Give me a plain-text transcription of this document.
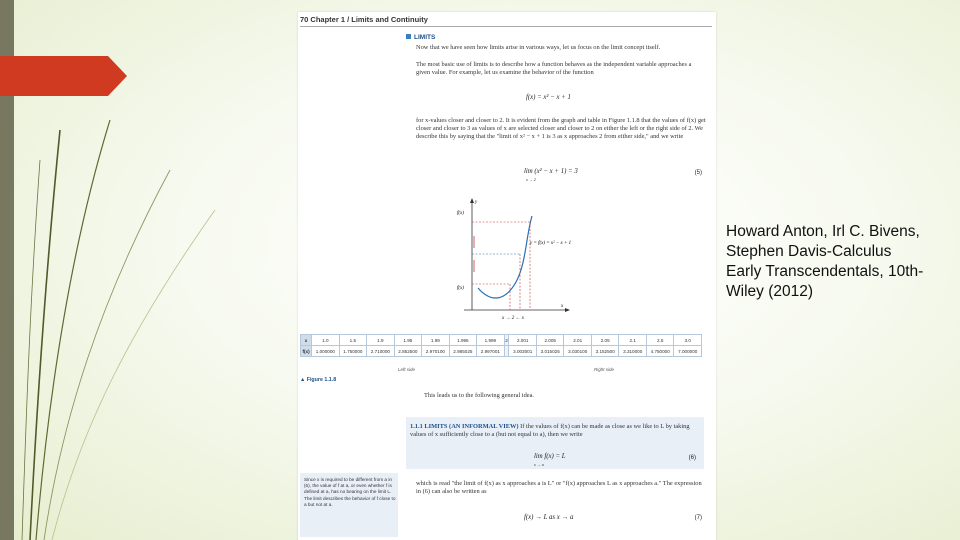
70 Chapter 1 / Limits and Continuity
LIMITS
Now that we have seen how limits arise in various ways, let us focus on the limit concept itself.
The most basic use of limits is to describe how a function behaves as the independent variable approaches a given value. For example, let us examine the behavior of the function
f(x) = x² − x + 1
for x-values closer and closer to 2. It is evident from the graph and table in Figure 1.1.8 that the values of f(x) get closer and closer to 3 as values of x are selected closer and closer to 2 on either the left or the right side of 2. We describe this by saying that the "limit of x² − x + 1 is 3 as x approaches 2 from either side," and we write
lim (x² − x + 1) = 3
x → 2
(5)
f(x)
f(x)
y
x
y = f(x) = x² − x + 1
x → 2 ← x
x	1.0	1.5	1.9	1.95	1.99	1.995	1.999	2	2.001	2.005	2.01	2.05	2.1	2.5	3.0
f(x)	1.000000	1.750000	2.710000	2.852500	2.970100	2.985025	2.997001		3.003001	3.015025	3.030100	3.152500	3.310000	4.750000	7.000000
Left side	Right side
▲ Figure 1.1.8
This leads us to the following general idea.
1.1.1 LIMITS (AN INFORMAL VIEW) If the values of f(x) can be made as close as we like to L by taking values of x sufficiently close to a (but not equal to a), then we write
lim f(x) = L
x → a
(6)
which is read "the limit of f(x) as x approaches a is L" or "f(x) approaches L as x approaches a." The expression in (6) can also be written as
f(x) → L as x → a	(7)
Since x is required to be different from a in (6), the value of f at a, or even whether f is defined at a, has no bearing on the limit L. The limit describes the behavior of f close to a but not at a.
Howard Anton, Irl C. Bivens, Stephen Davis-Calculus Early Transcendentals, 10th-Wiley (2012)
